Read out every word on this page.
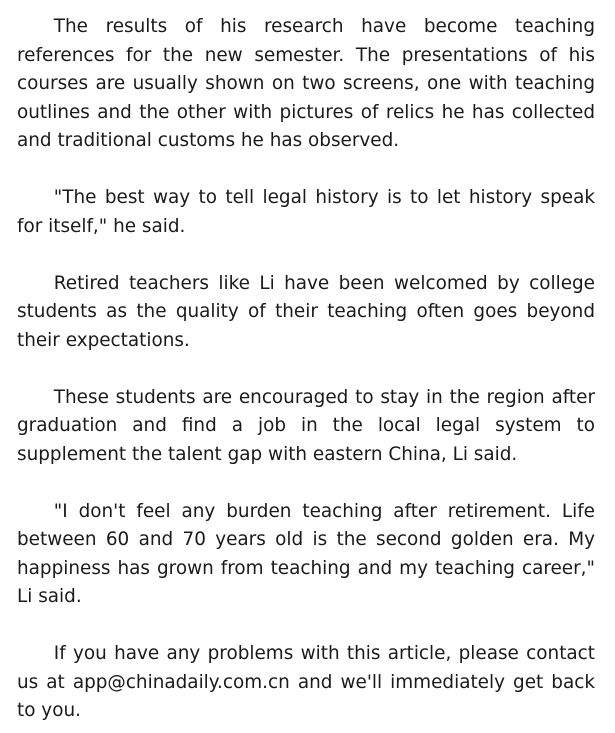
The results of his research have become teaching references for the new semester. The presentations of his courses are usually shown on two screens, one with teaching outlines and the other with pictures of relics he has collected and traditional customs he has observed.

"The best way to tell legal history is to let history speak for itself," he said.

Retired teachers like Li have been welcomed by college students as the quality of their teaching often goes beyond their expectations.

These students are encouraged to stay in the region after graduation and find a job in the local legal system to supplement the talent gap with eastern China, Li said.

"I don't feel any burden teaching after retirement. Life between 60 and 70 years old is the second golden era. My happiness has grown from teaching and my teaching career," Li said.

If you have any problems with this article, please contact us at app@chinadaily.com.cn and we'll immediately get back to you.
